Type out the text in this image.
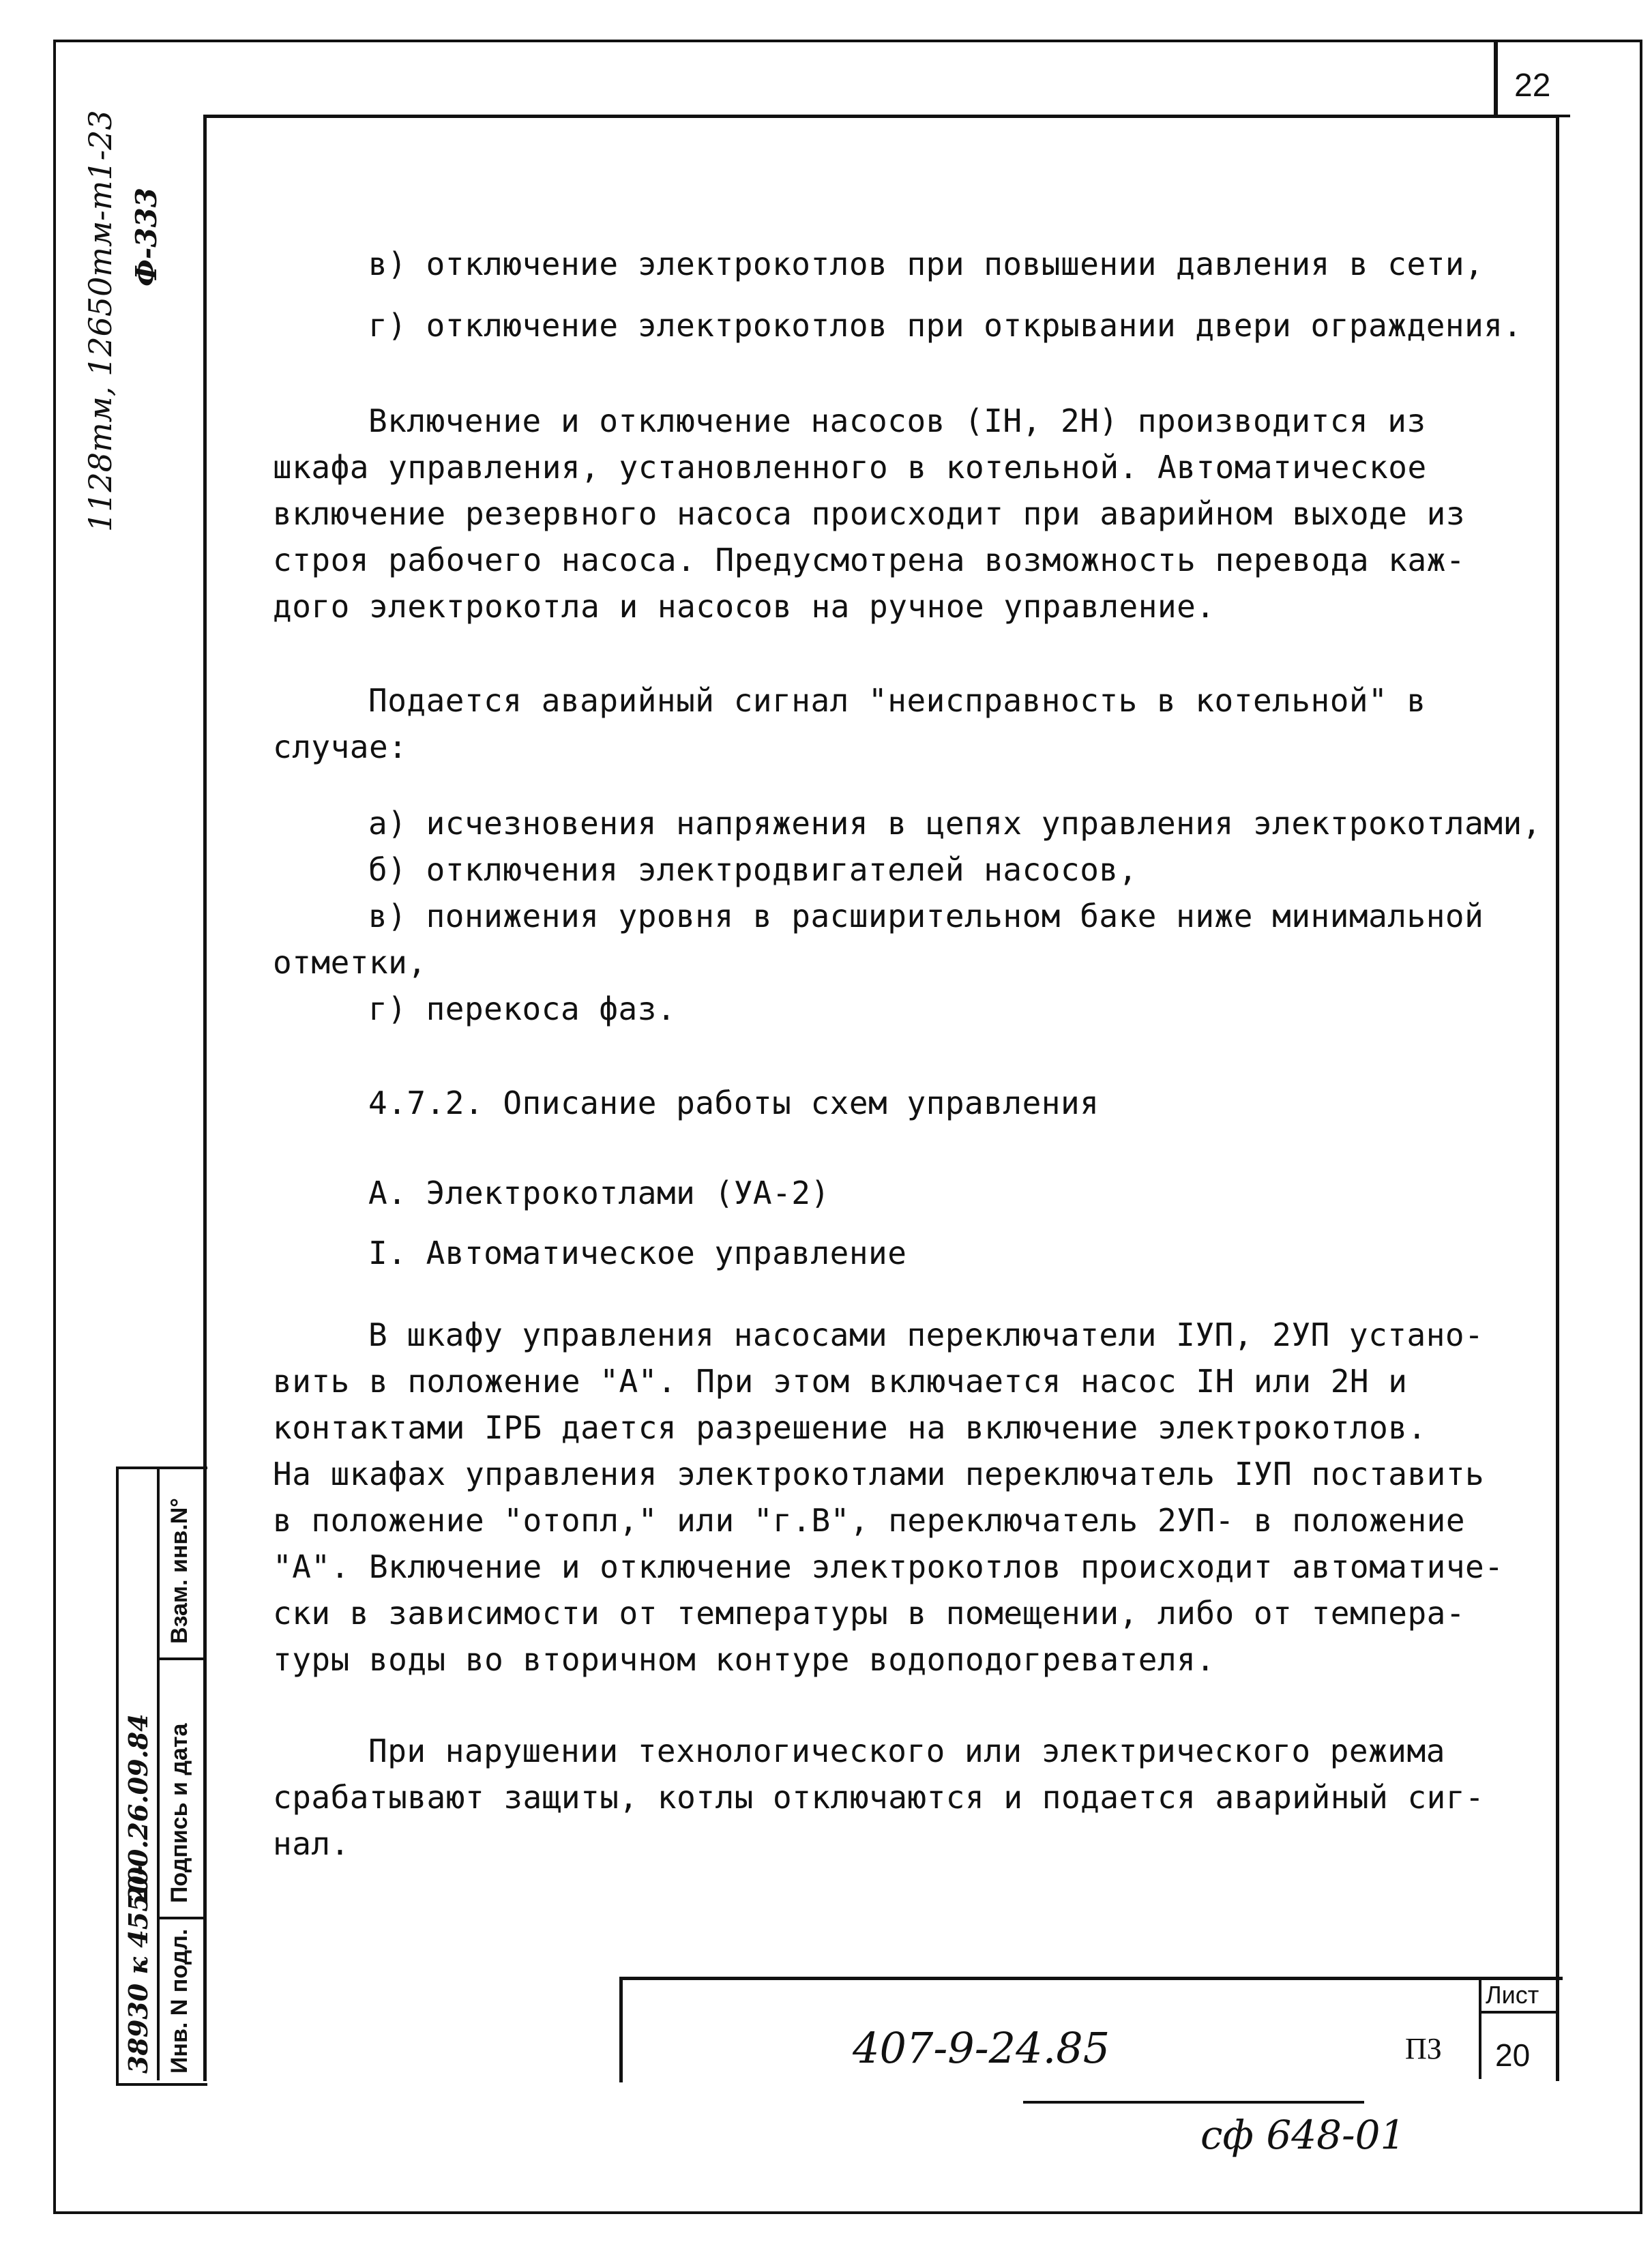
22
1128тм, 12650тм-т1-23 Ф-333	в) отключение электрокотлов при повышении давления в сети,
г) отключение электрокотлов при открывании двери ограждения.
Включение и отключение насосов (IН, 2Н) производится из
шкафа управления, установленного в котельной. Автоматическое
включение резервного насоса происходит при аварийном выходе из
строя рабочего насоса. Предусмотрена возможность перевода каж-
дого электрокотла и насосов на ручное управление.
Подается аварийный сигнал "неисправность в котельной" в
случае:
а) исчезновения напряжения в цепях управления электрокотлами,
б) отключения электродвигателей насосов,
в) понижения уровня в расширительном баке ниже минимальной
отметки,
г) перекоса фаз.
4.7.2. Описание работы схем управления
А. Электрокотлами (УА-2)
I. Автоматическое управление
В шкафу управления насосами переключатели IУП, 2УП устано-
вить в положение "А". При этом включается насос IН или 2Н и
контактами IРБ дается разрешение на включение электрокотлов.
На шкафах управления электрокотлами переключатель IУП поставить
в положение "отопл," или "г.В", переключатель 2УП- в положение
"А". Включение и отключение электрокотлов происходит автоматиче-
ски в зависимости от температуры в помещении, либо от темпера-
туры воды во вторичном контуре водоподогревателя.
При нарушении технологического или электрического режима
срабатывают защиты, котлы отключаются и подается аварийный сиг-
нал.
Инв. N подл.
Подпись и дата
Взам. инв.N°
38930 к 4550-
200.26.09.84
407-9-24.85	ПЗ
Лист
20
сф 648-01
